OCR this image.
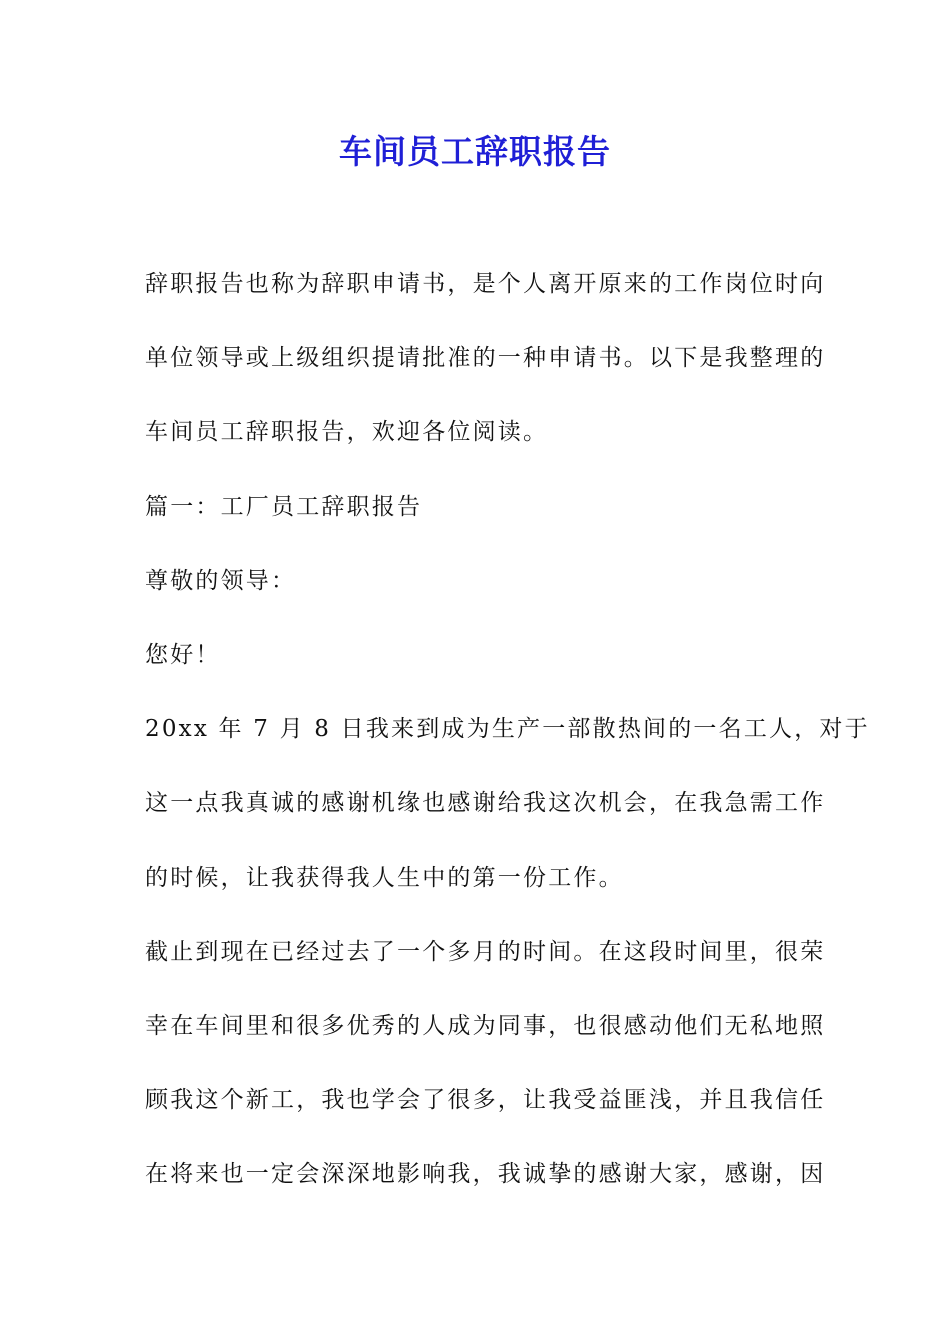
车间员工辞职报告

辞职报告也称为辞职申请书，是个人离开原来的工作岗位时向

单位领导或上级组织提请批准的一种申请书。以下是我整理的

车间员工辞职报告，欢迎各位阅读。

篇一：工厂员工辞职报告

尊敬的领导：

您好！

20xx 年 7 月 8 日我来到成为生产一部散热间的一名工人，对于

这一点我真诚的感谢机缘也感谢给我这次机会，在我急需工作

的时候，让我获得我人生中的第一份工作。

截止到现在已经过去了一个多月的时间。在这段时间里，很荣

幸在车间里和很多优秀的人成为同事，也很感动他们无私地照

顾我这个新工，我也学会了很多，让我受益匪浅，并且我信任

在将来也一定会深深地影响我，我诚挚的感谢大家，感谢，因
